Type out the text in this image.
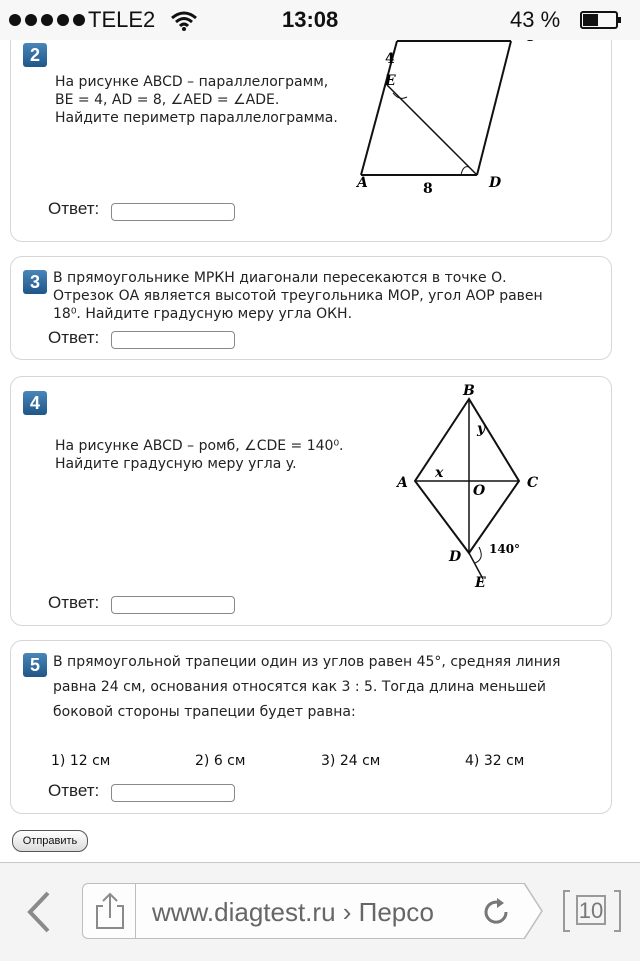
TELE2	13:08	43 %
2
На рисунке ABCD – параллелограмм,
BE = 4, AD = 8, ∠AED = ∠ADE.
Найдите периметр параллелограмма.
4
E
A	8	D
Ответ:
3 В прямоугольнике МРКН диагонали пересекаются в точке О.
Отрезок ОА является высотой треугольника МОР, угол АОР равен
18⁰. Найдите градусную меру угла ОКН.
Ответ:
4
На рисунке ABCD – ромб, ∠CDE = 140⁰.
Найдите градусную меру угла y.
B
A	C
O
D
E
x
y
140°
Ответ:
5 В прямоугольной трапеции один из углов равен 45°, средняя линия
равна 24 см, основания относятся как 3 : 5. Тогда длина меньшей
боковой стороны трапеции будет равна:
1) 12 см	2) 6 см	3) 24 см	4) 32 см
Ответ:
Отправить
www.diagtest.ru › Персо	10
